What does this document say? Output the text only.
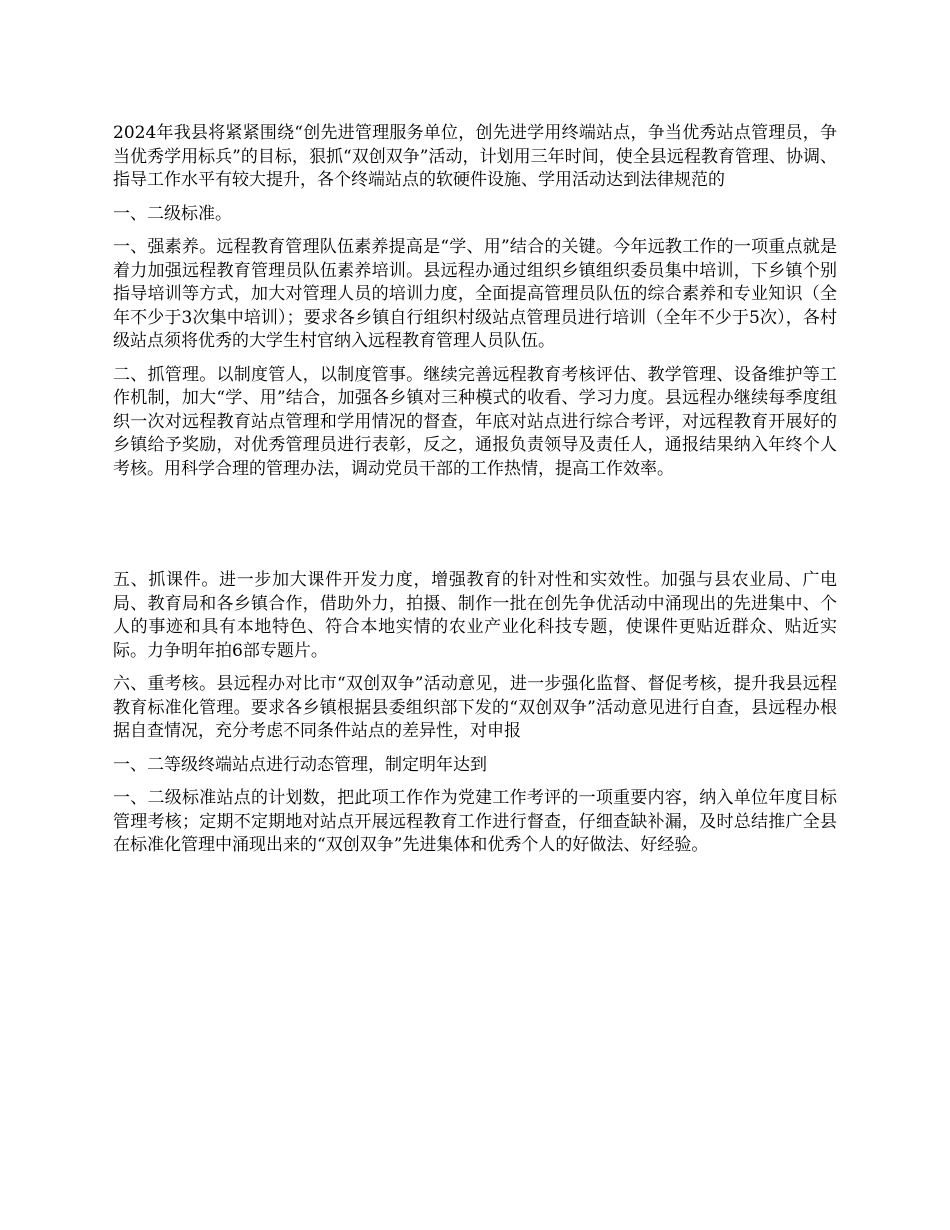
2024年我县将紧紧围绕“创先进管理服务单位，创先进学用终端站点，争当优秀站点管理员，争当优秀学用标兵”的目标，狠抓“双创双争”活动，计划用三年时间，使全县远程教育管理、协调、指导工作水平有较大提升，各个终端站点的软硬件设施、学用活动达到法律规范的

一、二级标准。

一、强素养。远程教育管理队伍素养提高是“学、用”结合的关键。今年远教工作的一项重点就是着力加强远程教育管理员队伍素养培训。县远程办通过组织乡镇组织委员集中培训，下乡镇个别指导培训等方式，加大对管理人员的培训力度，全面提高管理员队伍的综合素养和专业知识（全年不少于3次集中培训）；要求各乡镇自行组织村级站点管理员进行培训（全年不少于5次），各村级站点须将优秀的大学生村官纳入远程教育管理人员队伍。

二、抓管理。以制度管人，以制度管事。继续完善远程教育考核评估、教学管理、设备维护等工作机制，加大“学、用”结合，加强各乡镇对三种模式的收看、学习力度。县远程办继续每季度组织一次对远程教育站点管理和学用情况的督查，年底对站点进行综合考评，对远程教育开展好的乡镇给予奖励，对优秀管理员进行表彰，反之，通报负责领导及责任人，通报结果纳入年终个人考核。用科学合理的管理办法，调动党员干部的工作热情，提高工作效率。

五、抓课件。进一步加大课件开发力度，增强教育的针对性和实效性。加强与县农业局、广电局、教育局和各乡镇合作，借助外力，拍摄、制作一批在创先争优活动中涌现出的先进集中、个人的事迹和具有本地特色、符合本地实情的农业产业化科技专题，使课件更贴近群众、贴近实际。力争明年拍6部专题片。

六、重考核。县远程办对比市“双创双争”活动意见，进一步强化监督、督促考核，提升我县远程教育标准化管理。要求各乡镇根据县委组织部下发的“双创双争”活动意见进行自查，县远程办根据自查情况，充分考虑不同条件站点的差异性，对申报

一、二等级终端站点进行动态管理，制定明年达到

一、二级标准站点的计划数，把此项工作作为党建工作考评的一项重要内容，纳入单位年度目标管理考核；定期不定期地对站点开展远程教育工作进行督查，仔细查缺补漏，及时总结推广全县在标准化管理中涌现出来的“双创双争”先进集体和优秀个人的好做法、好经验。
